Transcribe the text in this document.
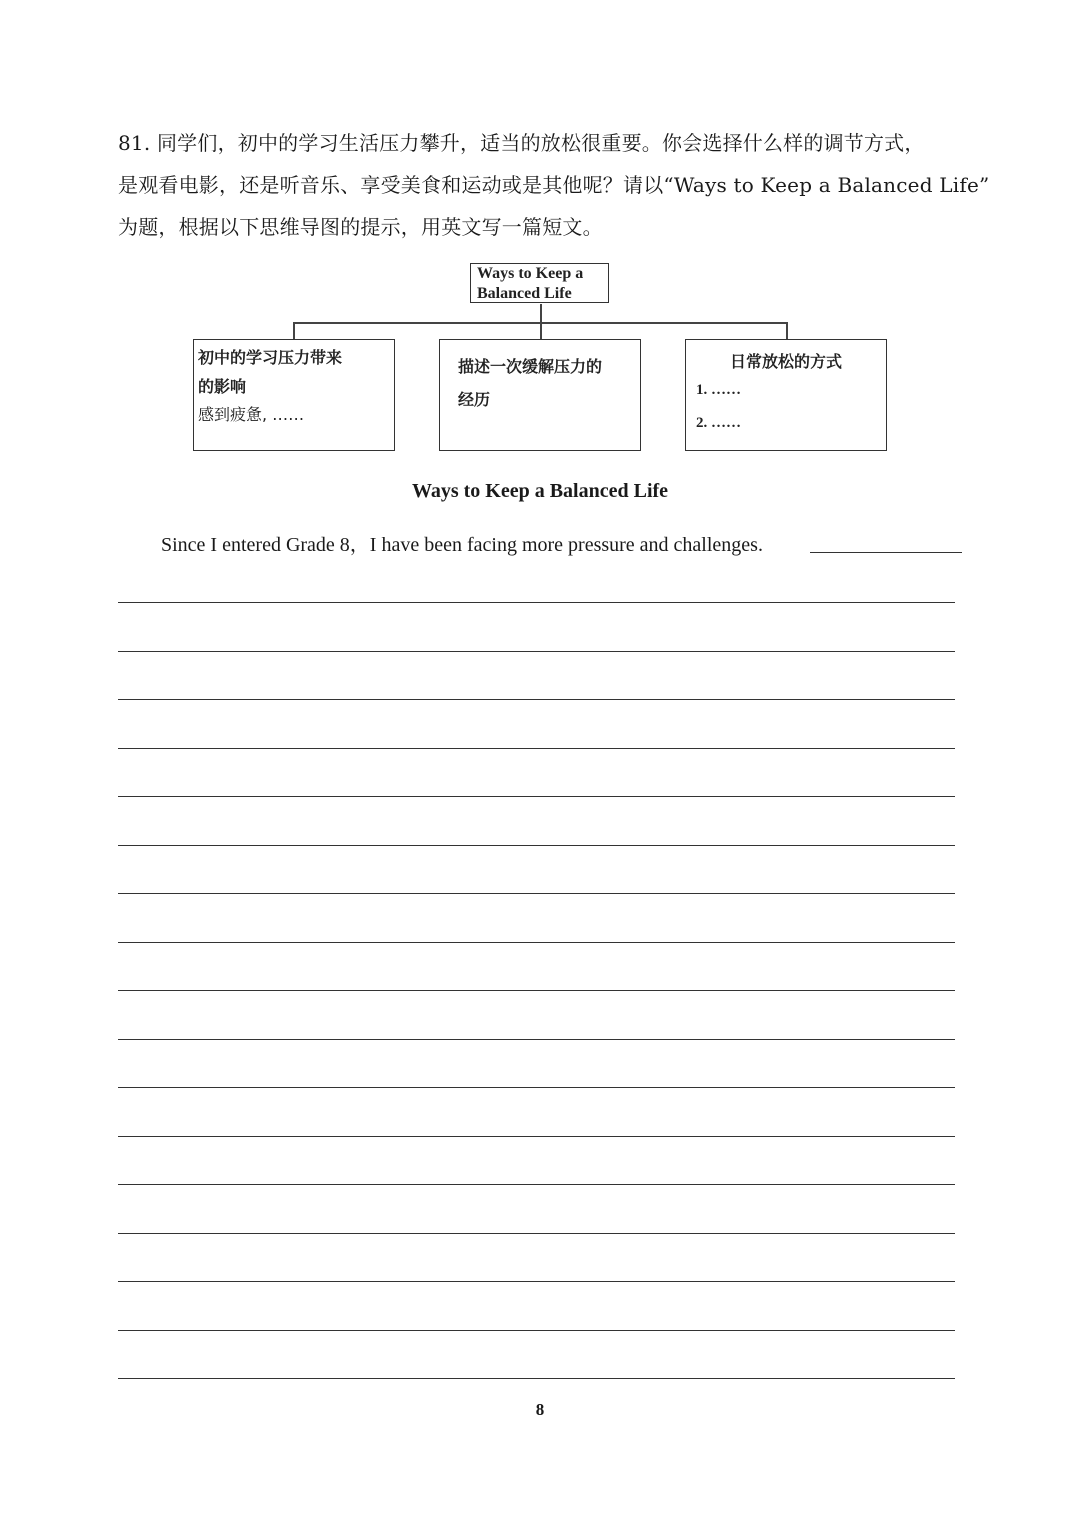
81. 同学们，初中的学习生活压力攀升，适当的放松很重要。你会选择什么样的调节方式，
是观看电影，还是听音乐、享受美食和运动或是其他呢？请以“Ways to Keep a Balanced Life”
为题，根据以下思维导图的提示，用英文写一篇短文。
Ways to Keep a
Balanced Life
初中的学习压力带来
的影响
感到疲惫, ……
描述一次缓解压力的
经历
日常放松的方式
1. ……
2. ……
Ways to Keep a Balanced Life
Since I entered Grade 8，I have been facing more pressure and challenges.
8
